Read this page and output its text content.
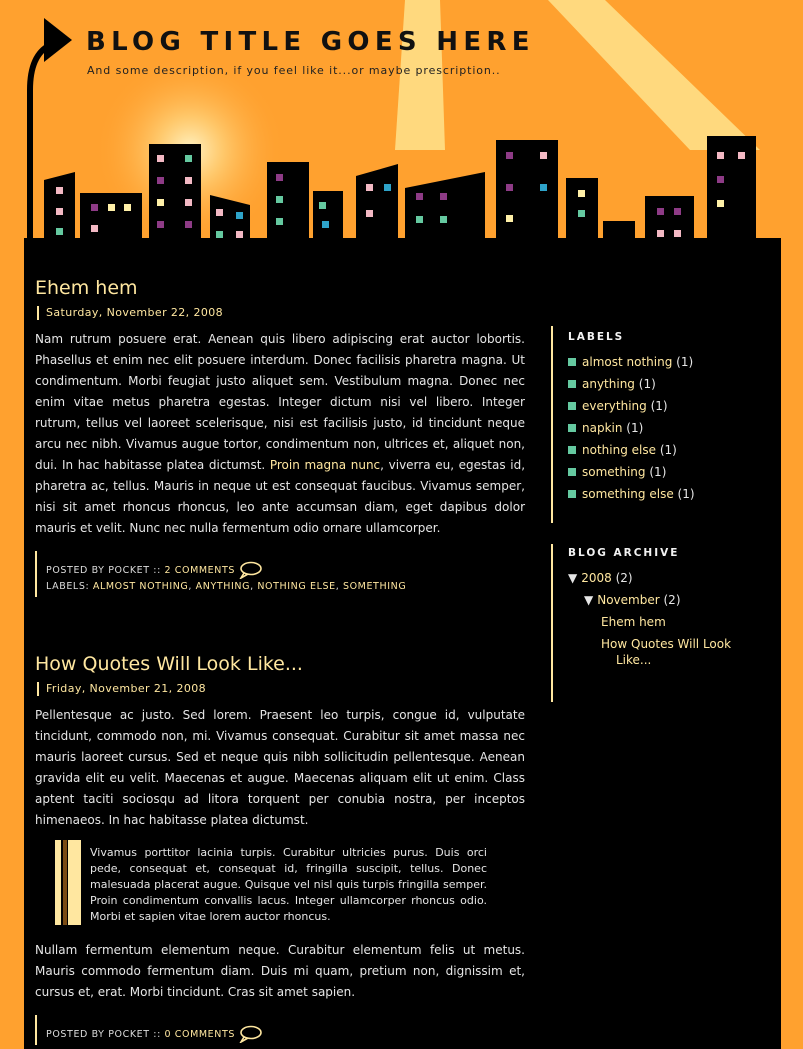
BLOG TITLE GOES HERE

And some description, if you feel like it...or maybe prescription..

Ehem hem
Saturday, November 22, 2008

Nam rutrum posuere erat. Aenean quis libero adipiscing erat auctor lobortis. Phasellus et enim nec elit posuere interdum. Donec facilisis pharetra magna. Ut condimentum. Morbi feugiat justo aliquet sem. Vestibulum magna. Donec nec enim vitae metus pharetra egestas. Integer dictum nisi vel libero. Integer rutrum, tellus vel laoreet scelerisque, nisi est facilisis justo, id tincidunt neque arcu nec nibh. Vivamus augue tortor, condimentum non, ultrices et, aliquet non, dui. In hac habitasse platea dictumst. Proin magna nunc, viverra eu, egestas id, pharetra ac, tellus. Mauris in neque ut est consequat faucibus. Vivamus semper, nisi sit amet rhoncus rhoncus, leo ante accumsan diam, eget dapibus dolor mauris et velit. Nunc nec nulla fermentum odio ornare ullamcorper.

POSTED BY POCKET :: 2 COMMENTS
LABELS: ALMOST NOTHING, ANYTHING, NOTHING ELSE, SOMETHING
How Quotes Will Look Like...
Friday, November 21, 2008

Pellentesque ac justo. Sed lorem. Praesent leo turpis, congue id, vulputate tincidunt, commodo non, mi. Vivamus consequat. Curabitur sit amet massa nec mauris laoreet cursus. Sed et neque quis nibh sollicitudin pellentesque. Aenean gravida elit eu velit. Maecenas et augue. Maecenas aliquam elit ut enim. Class aptent taciti sociosqu ad litora torquent per conubia nostra, per inceptos himenaeos. In hac habitasse platea dictumst.

Vivamus porttitor lacinia turpis. Curabitur ultricies purus. Duis orci pede, consequat et, consequat id, fringilla suscipit, tellus. Donec malesuada placerat augue. Quisque vel nisl quis turpis fringilla semper. Proin condimentum convallis lacus. Integer ullamcorper rhoncus odio. Morbi et sapien vitae lorem auctor rhoncus.

Nullam fermentum elementum neque. Curabitur elementum felis ut metus. Mauris commodo fermentum diam. Duis mi quam, pretium non, dignissim et, cursus et, erat. Morbi tincidunt. Cras sit amet sapien.

POSTED BY POCKET :: 0 COMMENTS
LABELS
almost nothing (1)
anything (1)
everything (1)
napkin (1)
nothing else (1)
something (1)
something else (1)
BLOG ARCHIVE
▼ 2008 (2)
▼ November (2)
Ehem hem
How Quotes Will Look Like...
